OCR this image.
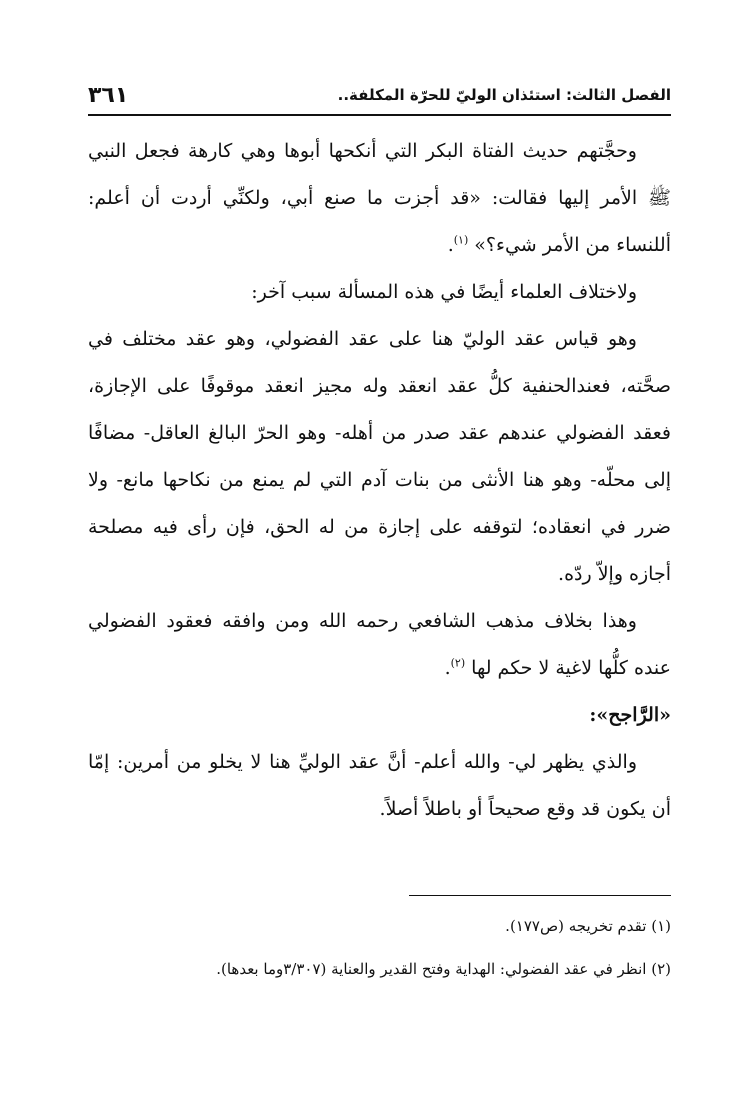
الفصل الثالث: استئذان الوليّ للحرّة المكلفة..
٣٦١

وحجَّتهم حديث الفتاة البكر التي أنكحها أبوها وهي كارهة فجعل النبي ﷺ الأمر إليها فقالت: «قد أجزت ما صنع أبي، ولكنِّي أردت أن أعلم: أللنساء من الأمر شيء؟» $^{(١)}$.

ولاختلاف العلماء أيضًا في هذه المسألة سبب آخر:

وهو قياس عقد الوليّ هنا على عقد الفضولي، وهو عقد مختلف في صحَّته، فعندالحنفية كلُّ عقد انعقد وله مجيز انعقد موقوفًا على الإجازة، فعقد الفضولي عندهم عقد صدر من أهله- وهو الحرّ البالغ العاقل- مضافًا إلى محلّه- وهو هنا الأنثى من بنات آدم التي لم يمنع من نكاحها مانع- ولا ضرر في انعقاده؛ لتوقفه على إجازة من له الحق، فإن رأى فيه مصلحة أجازه وإلاّ ردّه.

وهذا بخلاف مذهب الشافعي رحمه الله ومن وافقه فعقود الفضولي عنده كلُّها لاغية لا حكم لها $^{(٢)}$.

«الرَّاجح»:

والذي يظهر لي- والله أعلم- أنَّ عقد الوليِّ هنا لا يخلو من أمرين: إمّا أن يكون قد وقع صحيحاً أو باطلاً أصلاً.

(١) تقدم تخريجه (ص١٧٧).

(٢) انظر في عقد الفضولي: الهداية وفتح القدير والعناية (٣/٣٠٧وما بعدها).
